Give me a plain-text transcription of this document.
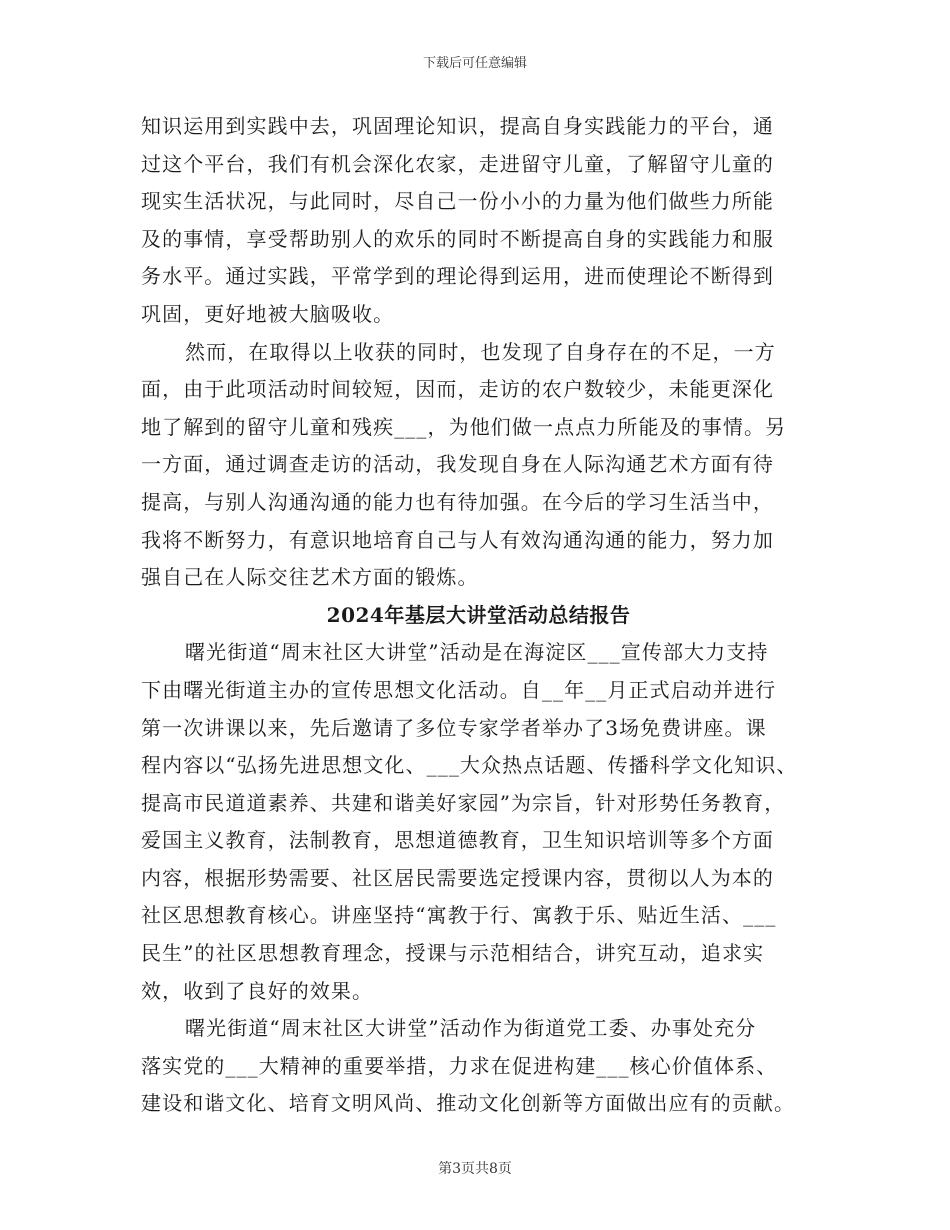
下载后可任意编辑
知识运用到实践中去，巩固理论知识，提高自身实践能力的平台，通
过这个平台，我们有机会深化农家，走进留守儿童，了解留守儿童的
现实生活状况，与此同时，尽自己一份小小的力量为他们做些力所能
及的事情，享受帮助别人的欢乐的同时不断提高自身的实践能力和服
务水平。通过实践，平常学到的理论得到运用，进而使理论不断得到
巩固，更好地被大脑吸收。
然而，在取得以上收获的同时，也发现了自身存在的不足，一方
面，由于此项活动时间较短，因而，走访的农户数较少，未能更深化
地了解到的留守儿童和残疾___，为他们做一点点力所能及的事情。另
一方面，通过调查走访的活动，我发现自身在人际沟通艺术方面有待
提高，与别人沟通沟通的能力也有待加强。在今后的学习生活当中，
我将不断努力，有意识地培育自己与人有效沟通沟通的能力，努力加
强自己在人际交往艺术方面的锻炼。
2024年基层大讲堂活动总结报告
曙光街道“周末社区大讲堂”活动是在海淀区___宣传部大力支持
下由曙光街道主办的宣传思想文化活动。自__年__月正式启动并进行
第一次讲课以来，先后邀请了多位专家学者举办了3场免费讲座。课
程内容以“弘扬先进思想文化、___大众热点话题、传播科学文化知识、
提高市民道道素养、共建和谐美好家园”为宗旨，针对形势任务教育，
爱国主义教育，法制教育，思想道德教育，卫生知识培训等多个方面
内容，根据形势需要、社区居民需要选定授课内容，贯彻以人为本的
社区思想教育核心。讲座坚持“寓教于行、寓教于乐、贴近生活、___
民生”的社区思想教育理念，授课与示范相结合，讲究互动，追求实
效，收到了良好的效果。
曙光街道“周末社区大讲堂”活动作为街道党工委、办事处充分
落实党的___大精神的重要举措，力求在促进构建___核心价值体系、
建设和谐文化、培育文明风尚、推动文化创新等方面做出应有的贡献。
第3页共8页
